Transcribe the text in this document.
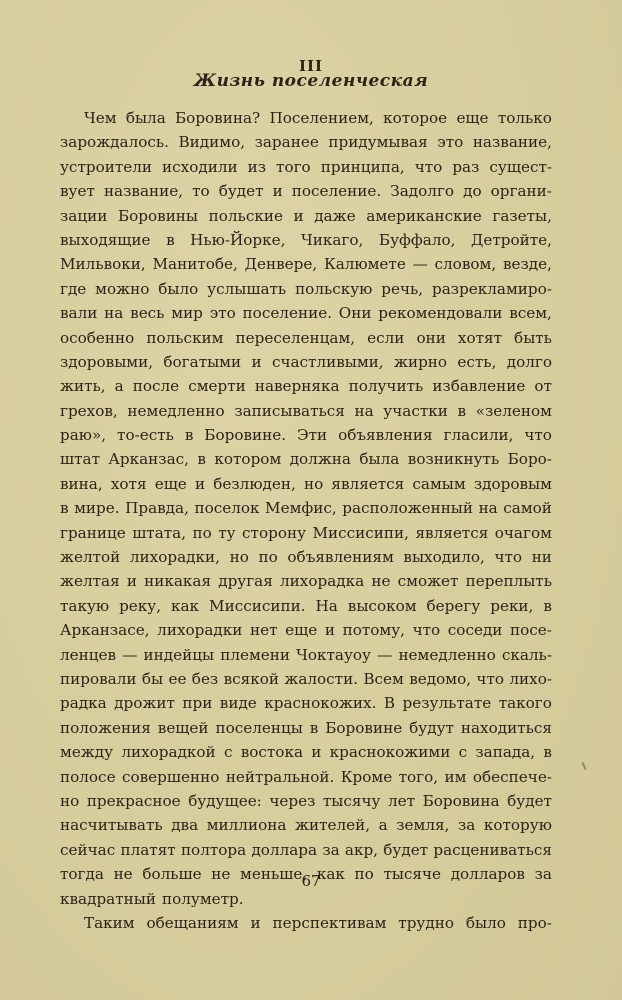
III
Жизнь поселенческая
Чем была Боровина? Поселением, которое еще только
зарождалось. Видимо, заранее придумывая это название,
устроители исходили из того принципа, что раз сущест-
вует название, то будет и поселение. Задолго до органи-
зации Боровины польские и даже американские газеты,
выходящие в Нью-Йорке, Чикаго, Буффало, Детройте,
Мильвоки, Манитобе, Денвере, Калюмете — словом, везде,
где можно было услышать польскую речь, разрекламиро-
вали на весь мир это поселение. Они рекомендовали всем,
особенно польским переселенцам, если они хотят быть
здоровыми, богатыми и счастливыми, жирно есть, долго
жить, а после смерти наверняка получить избавление от
грехов, немедленно записываться на участки в «зеленом
раю», то-есть в Боровине. Эти объявления гласили, что
штат Арканзас, в котором должна была возникнуть Боро-
вина, хотя еще и безлюден, но является самым здоровым
в мире. Правда, поселок Мемфис, расположенный на самой
границе штата, по ту сторону Миссисипи, является очагом
желтой лихорадки, но по объявлениям выходило, что ни
желтая и никакая другая лихорадка не сможет переплыть
такую реку, как Миссисипи. На высоком берегу реки, в
Арканзасе, лихорадки нет еще и потому, что соседи посе-
ленцев — индейцы племени Чоктауоу — немедленно скаль-
пировали бы ее без всякой жалости. Всем ведомо, что лихо-
радка дрожит при виде краснокожих. В результате такого
положения вещей поселенцы в Боровине будут находиться
между лихорадкой с востока и краснокожими с запада, в
полосе совершенно нейтральной. Кроме того, им обеспече-
но прекрасное будущее: через тысячу лет Боровина будет
насчитывать два миллиона жителей, а земля, за которую
сейчас платят полтора доллара за акр, будет расцениваться
тогда не больше не меньше, как по тысяче долларов за
квадратный полуметр.
Таким обещаниям и перспективам трудно было про-
67
